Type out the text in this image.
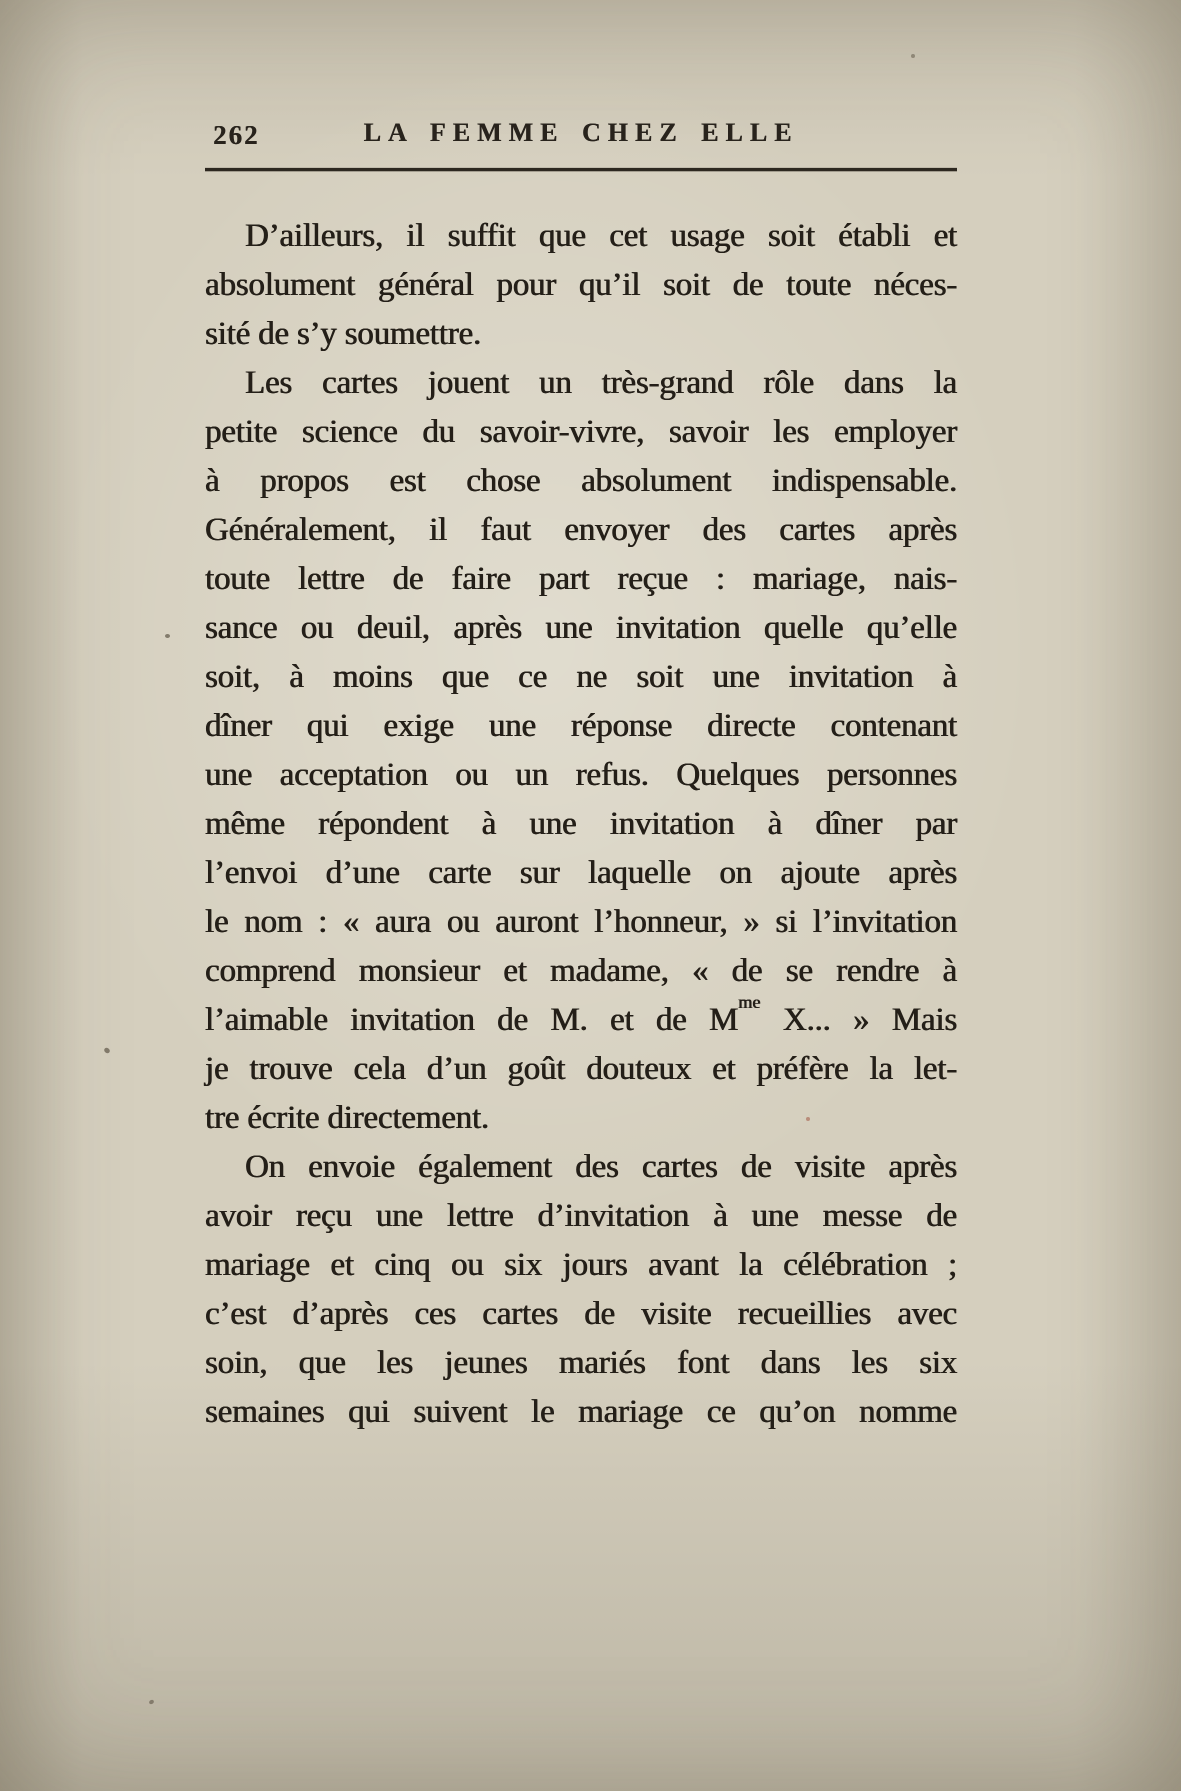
262	LA FEMME CHEZ ELLE
D’ailleurs, il suffit que cet usage soit établi et
absolument général pour qu’il soit de toute néces-
sité de s’y soumettre.
Les cartes jouent un très-grand rôle dans la
petite science du savoir-vivre, savoir les employer
à propos est chose absolument indispensable.
Généralement, il faut envoyer des cartes après
toute lettre de faire part reçue : mariage, nais-
sance ou deuil, après une invitation quelle qu’elle
soit, à moins que ce ne soit une invitation à
dîner qui exige une réponse directe contenant
une acceptation ou un refus. Quelques personnes
même répondent à une invitation à dîner par
l’envoi d’une carte sur laquelle on ajoute après
le nom : « aura ou auront l’honneur, » si l’invitation
comprend monsieur et madame, « de se rendre à
l’aimable invitation de M. et de $M^{me}$ X... » Mais
je trouve cela d’un goût douteux et préfère la let-
tre écrite directement.
On envoie également des cartes de visite après
avoir reçu une lettre d’invitation à une messe de
mariage et cinq ou six jours avant la célébration ;
c’est d’après ces cartes de visite recueillies avec
soin, que les jeunes mariés font dans les six
semaines qui suivent le mariage ce qu’on nomme
